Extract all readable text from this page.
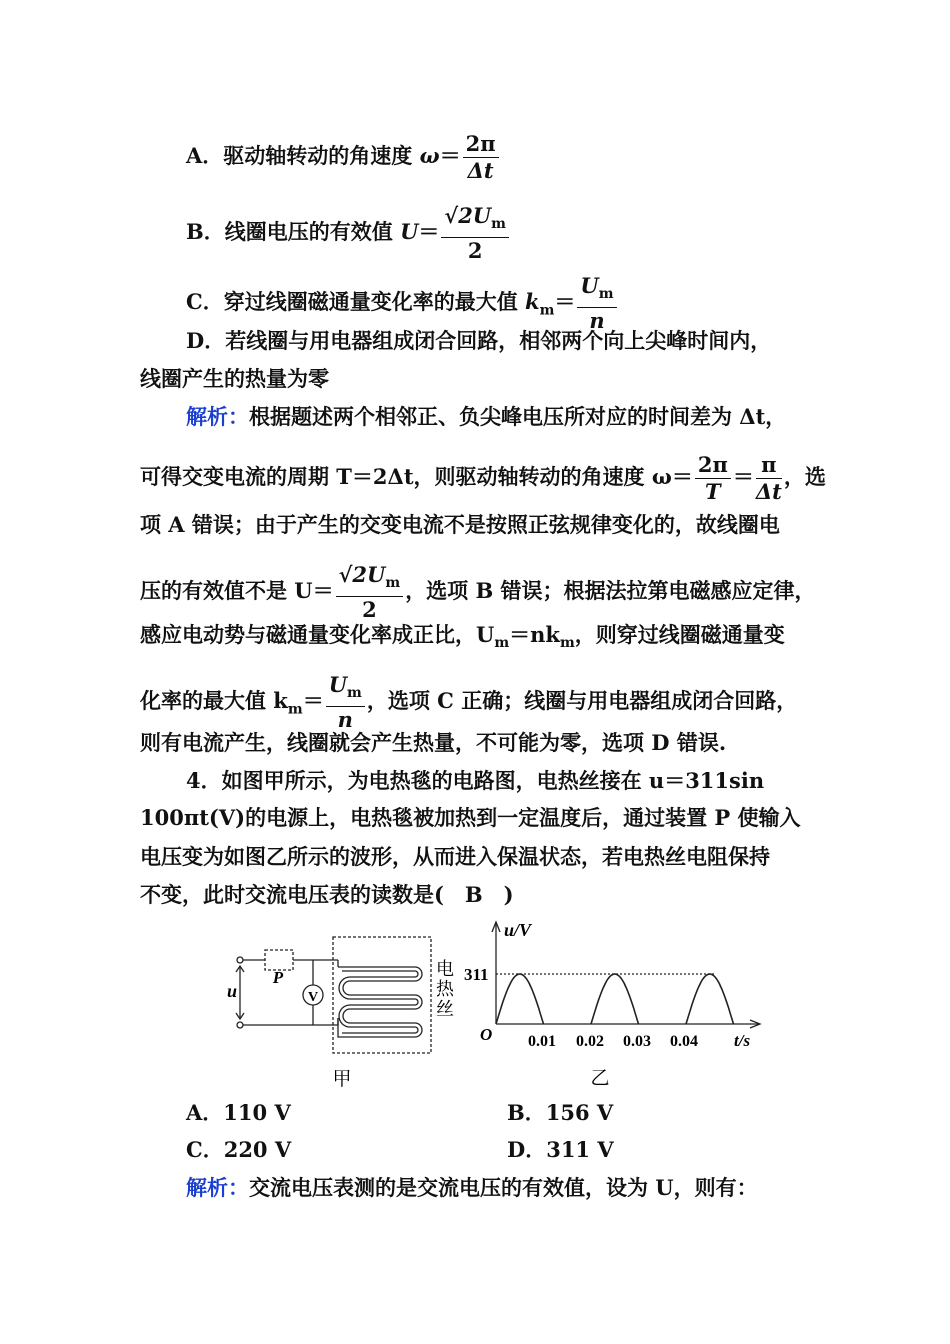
A．驱动轴转动的角速度 $\omega= \frac{2\pi}{\Delta t}$
B．线圈电压的有效值 $U= \frac{√2U_m}{2}$
C．穿过线圈磁通量变化率的最大值 $k_m= \frac{U_m}{n}$
D．若线圈与用电器组成闭合回路，相邻两个向上尖峰时间内，
线圈产生的热量为零
解析：根据题述两个相邻正、负尖峰电压所对应的时间差为 Δt，
可得交变电流的周期 T＝2Δt，则驱动轴转动的角速度 $\omega= \frac{2\pi}{T} = \frac{\pi}{\Delta t}$ ，选
项 A 错误；由于产生的交变电流不是按照正弦规律变化的，故线圈电
压的有效值不是 $U= \frac{√2U_m}{2}$ ，选项 B 错误；根据法拉第电磁感应定律，
感应电动势与磁通量变化率成正比，$U_m=nk_m$，则穿过线圈磁通量变
化率的最大值 $k_m= \frac{U_m}{n}$ ，选项 C 正确；线圈与用电器组成闭合回路，
则有电流产生，线圈就会产生热量，不可能为零，选项 D 错误.
4．如图甲所示，为电热毯的电路图，电热丝接在 u＝311sin
100πt(V)的电源上，电热毯被加热到一定温度后，通过装置 P 使输入
电压变为如图乙所示的波形，从而进入保温状态，若电热丝电阻保持
不变，此时交流电压表的读数是(　B　)
u
P
V
电
热
丝
甲
u/V
311
O 0.01 0.02 0.03 0.04 t/s
乙
A．110 V	B．156 V
C．220 V	D．311 V
解析：交流电压表测的是交流电压的有效值，设为 U，则有：
